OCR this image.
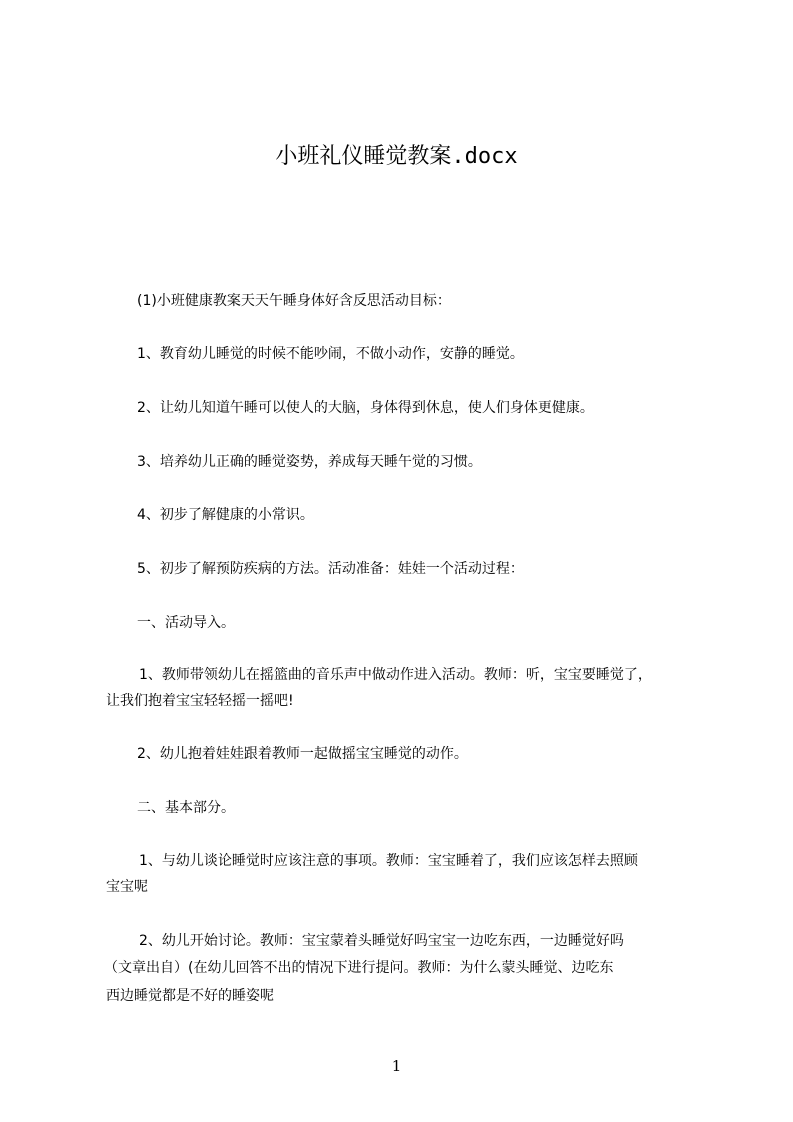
小班礼仪睡觉教案.docx

(1)小班健康教案天天午睡身体好含反思活动目标：

1、教育幼儿睡觉的时候不能吵闹，不做小动作，安静的睡觉。

2、让幼儿知道午睡可以使人的大脑，身体得到休息，使人们身体更健康。

3、培养幼儿正确的睡觉姿势，养成每天睡午觉的习惯。

4、初步了解健康的小常识。

5、初步了解预防疾病的方法。活动准备：娃娃一个活动过程：

一、活动导入。

1、教师带领幼儿在摇篮曲的音乐声中做动作进入活动。教师：听，宝宝要睡觉了，

让我们抱着宝宝轻轻摇一摇吧!

2、幼儿抱着娃娃跟着教师一起做摇宝宝睡觉的动作。

二、基本部分。

1、与幼儿谈论睡觉时应该注意的事项。教师：宝宝睡着了，我们应该怎样去照顾

宝宝呢

2、幼儿开始讨论。教师：宝宝蒙着头睡觉好吗宝宝一边吃东西，一边睡觉好吗

（文章出自）(在幼儿回答不出的情况下进行提问。教师：为什么蒙头睡觉、边吃东

西边睡觉都是不好的睡姿呢

1
